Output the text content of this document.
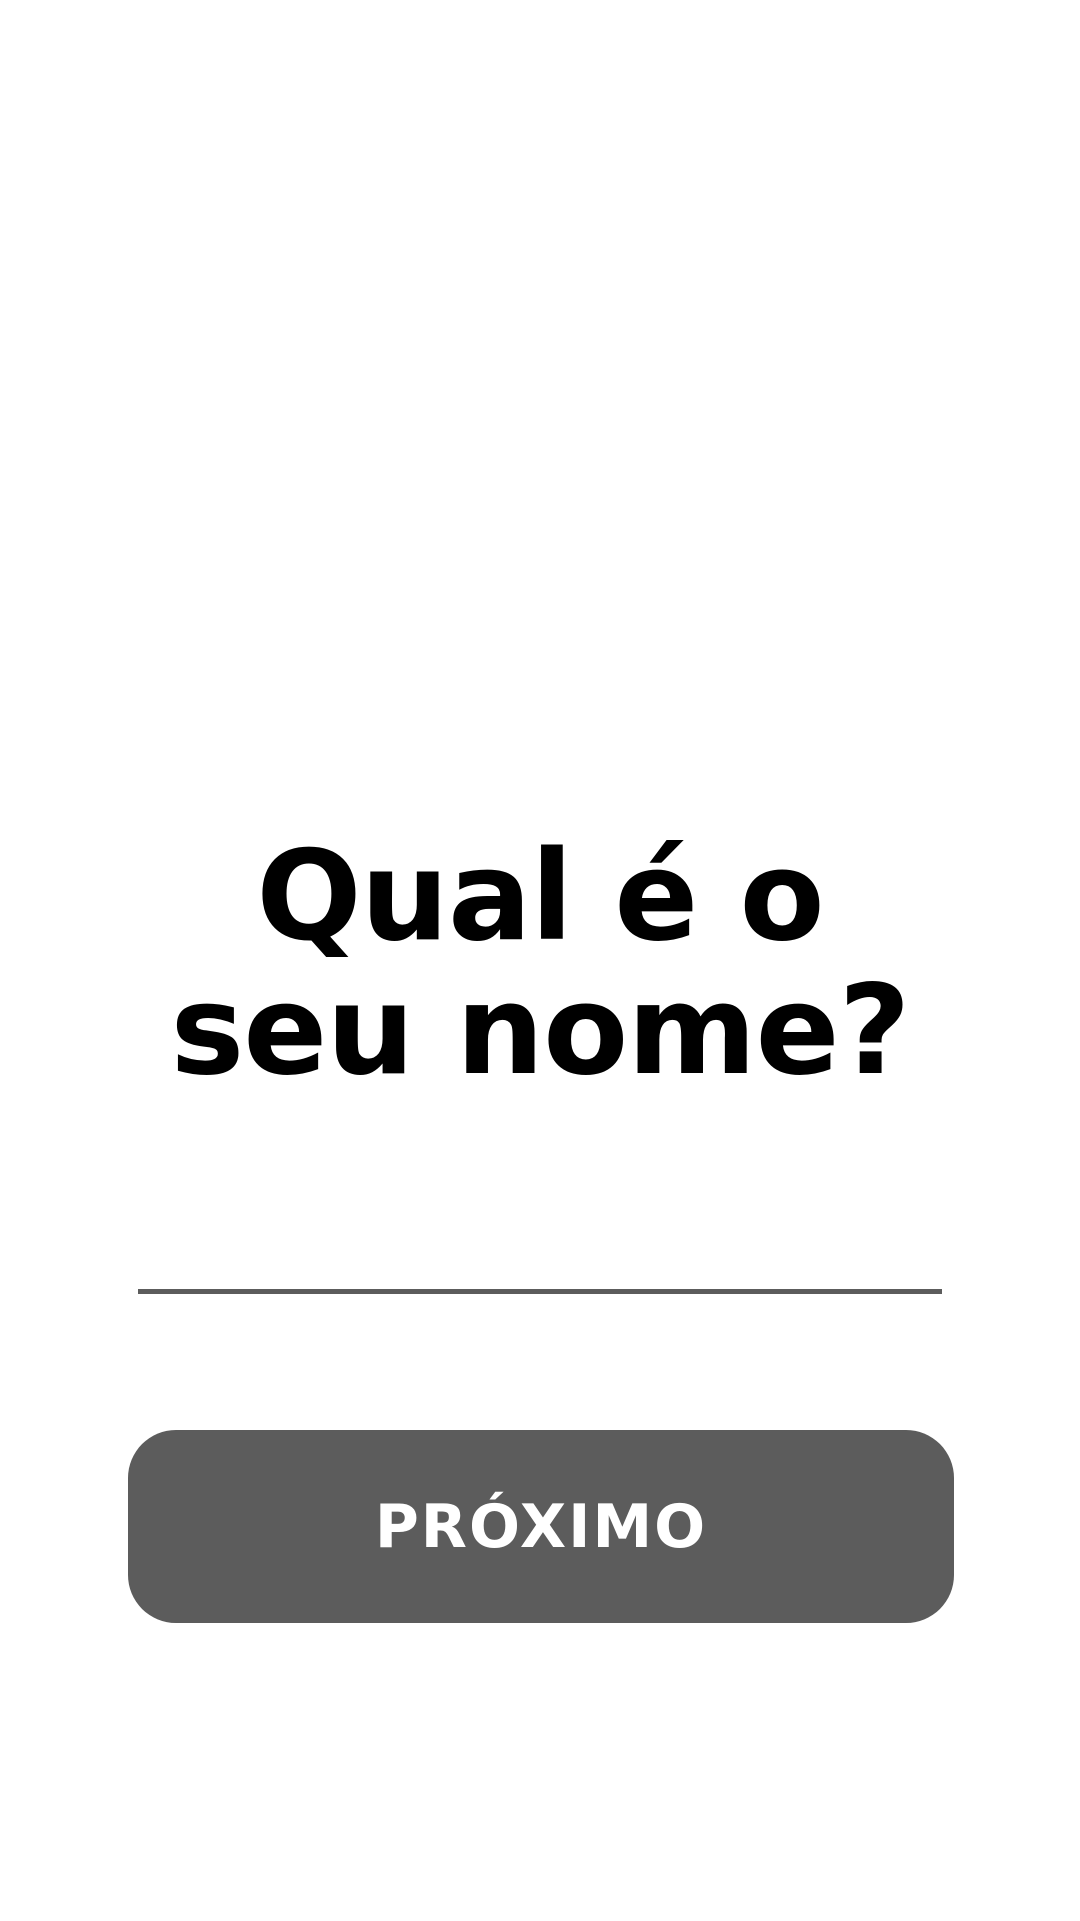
Qual é o
seu nome?
PRÓXIMO
